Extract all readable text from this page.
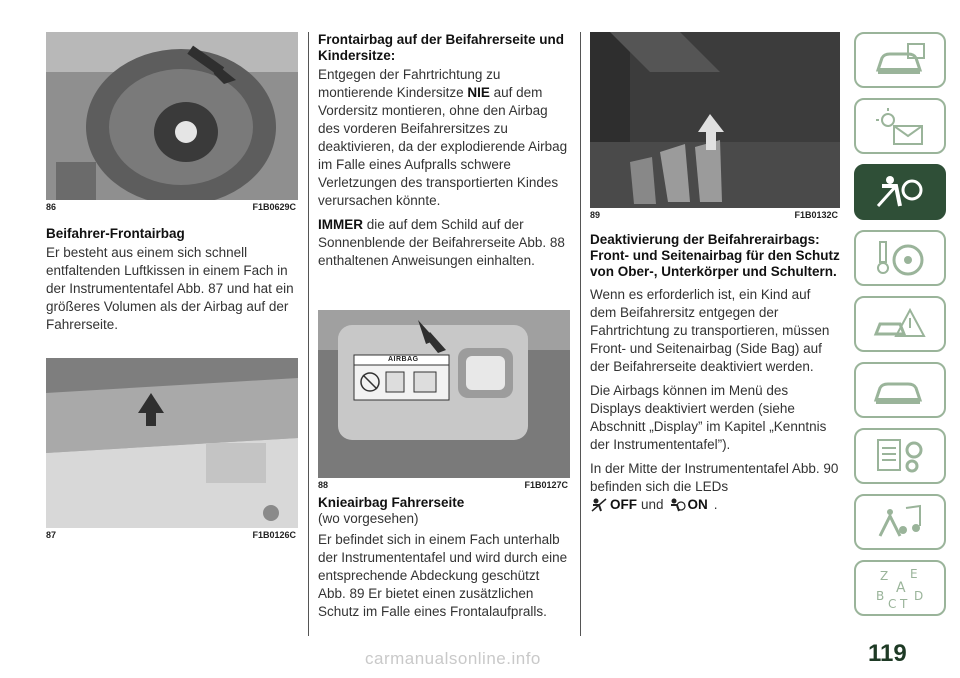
86	F1B0629C
Beifahrer-Frontairbag

Er besteht aus einem sich schnell entfaltenden Luftkissen in einem Fach in der Instrumententafel Abb. 87 und hat ein größeres Volumen als der Airbag auf der Fahrerseite.

87	F1B0126C
Frontairbag auf der Beifahrerseite und Kindersitze:

Entgegen der Fahrtrichtung zu montierende Kindersitze NIE auf dem Vordersitz montieren, ohne den Airbag des vorderen Beifahrersitzes zu deaktivieren, da der explodierende Airbag im Falle eines Aufpralls schwere Verletzungen des transportierten Kindes verursachen könnte.

IMMER die auf dem Schild auf der Sonnenblende der Beifahrerseite Abb. 88 enthaltenen Anweisungen einhalten.

AIRBAG
88	F1B0127C
Knieairbag Fahrerseite
(wo vorgesehen)

Er befindet sich in einem Fach unterhalb der Instrumententafel und wird durch eine entsprechende Abdeckung geschützt Abb. 89 Er bietet einen zusätzlichen Schutz im Falle eines Frontalaufpralls.

89	F1B0132C
Deaktivierung der Beifahrerairbags: Front- und Seitenairbag für den Schutz von Ober-, Unterkörper und Schultern.

Wenn es erforderlich ist, ein Kind auf dem Beifahrersitz entgegen der Fahrtrichtung zu transportieren, müssen Front- und Seitenairbag (Side Bag) auf der Beifahrerseite deaktiviert werden.

Die Airbags können im Menü des Displays deaktiviert werden (siehe Abschnitt „Display” im Kapitel „Kenntnis der Instrumententafel”).

In der Mitte der Instrumententafel Abb. 90 befinden sich die LEDs

OFF und ON .
Z E
A
B D
C T
119
carmanualsonline.info
